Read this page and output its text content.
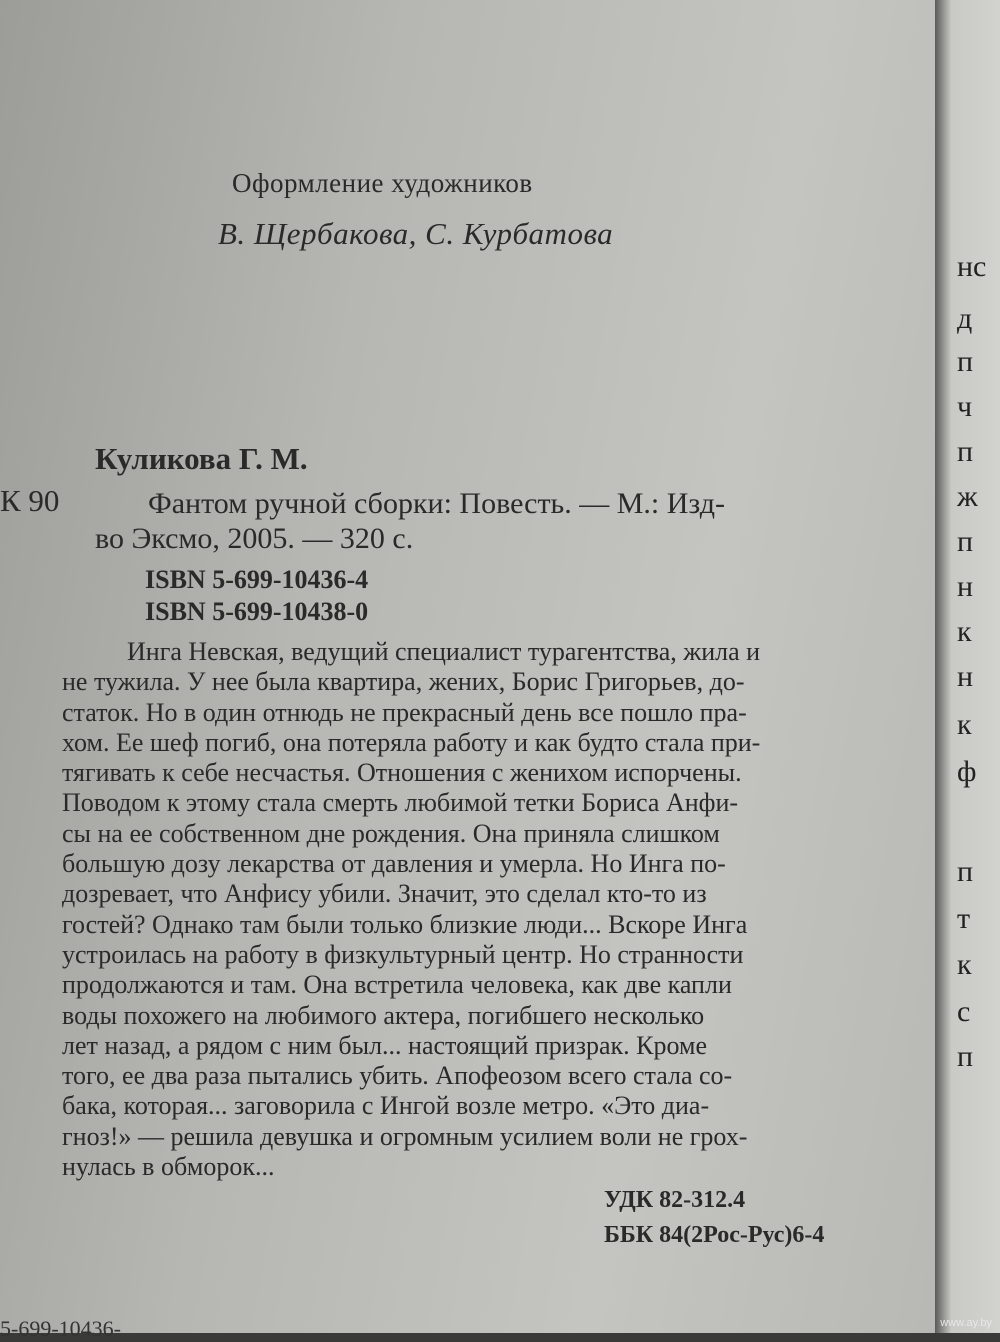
Оформление художников
В. Щербакова, С. Курбатова
Куликова Г. М.
К 90	Фантом ручной сборки: Повесть. — М.: Изд-
во Эксмо, 2005. — 320 с.
ISBN 5-699-10436-4
ISBN 5-699-10438-0
Инга Невская, ведущий специалист турагентства, жила и
не тужила. У нее была квартира, жених, Борис Григорьев, до-
статок. Но в один отнюдь не прекрасный день все пошло пра-
хом. Ее шеф погиб, она потеряла работу и как будто стала при-
тягивать к себе несчастья. Отношения с женихом испорчены.
Поводом к этому стала смерть любимой тетки Бориса Анфи-
сы на ее собственном дне рождения. Она приняла слишком
большую дозу лекарства от давления и умерла. Но Инга по-
дозревает, что Анфису убили. Значит, это сделал кто-то из
гостей? Однако там были только близкие люди... Вскоре Инга
устроилась на работу в физкультурный центр. Но странности
продолжаются и там. Она встретила человека, как две капли
воды похожего на любимого актера, погибшего несколько
лет назад, а рядом с ним был... настоящий призрак. Кроме
того, ее два раза пытались убить. Апофеозом всего стала со-
бака, которая... заговорила с Ингой возле метро. «Это диа-
гноз!» — решила девушка и огромным усилием воли не грох-
нулась в обморок...
УДК 82-312.4
ББК 84(2Рос-Рус)6-4
5-699-10436-
нс
д
п
ч
п
ж
п
н
к
н
к
ф
п
т
к
с
п
www.ay.by
